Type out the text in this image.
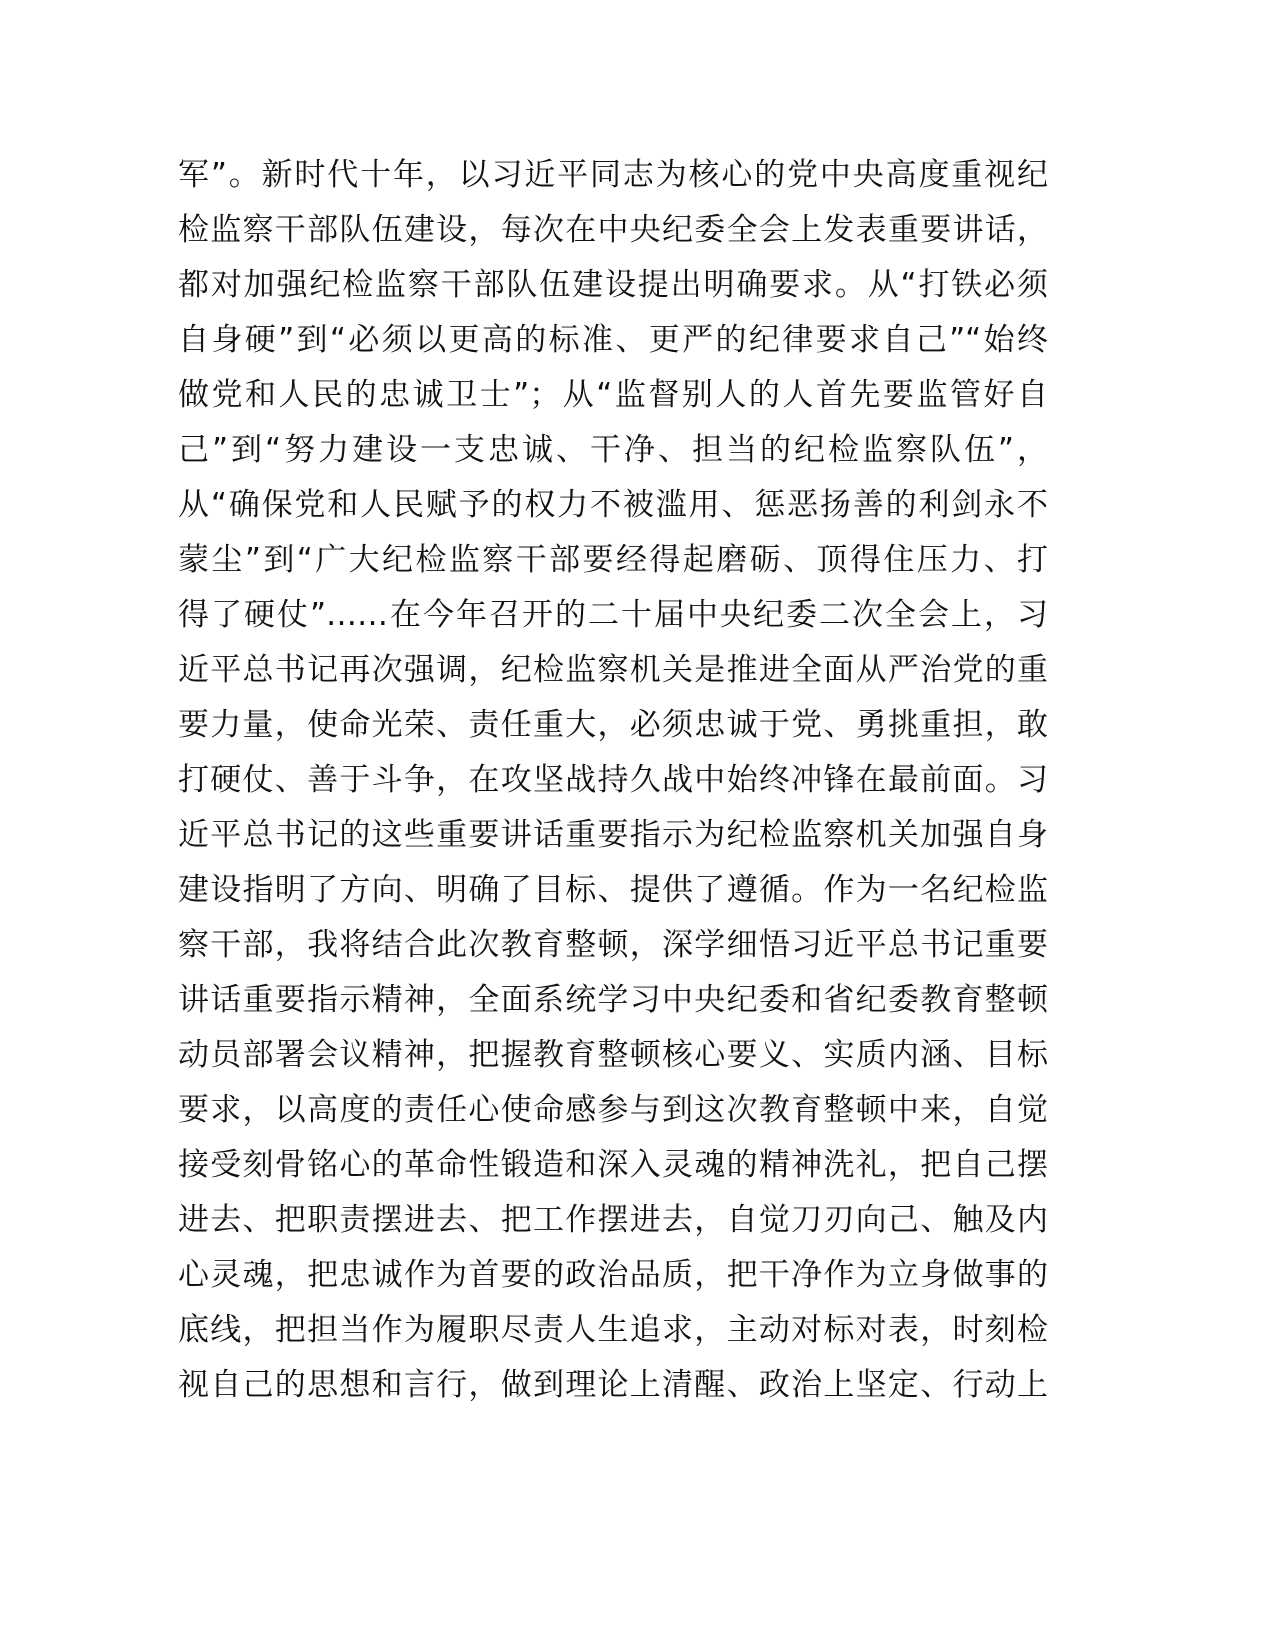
军”。新时代十年，以习近平同志为核心的党中央高度重视纪
检监察干部队伍建设，每次在中央纪委全会上发表重要讲话，
都对加强纪检监察干部队伍建设提出明确要求。从“打铁必须
自身硬”到“必须以更高的标准、更严的纪律要求自己”“始终
做党和人民的忠诚卫士”；从“监督别人的人首先要监管好自
己”到“努力建设一支忠诚、干净、担当的纪检监察队伍”，
从“确保党和人民赋予的权力不被滥用、惩恶扬善的利剑永不
蒙尘”到“广大纪检监察干部要经得起磨砺、顶得住压力、打
得了硬仗”……在今年召开的二十届中央纪委二次全会上，习
近平总书记再次强调，纪检监察机关是推进全面从严治党的重
要力量，使命光荣、责任重大，必须忠诚于党、勇挑重担，敢
打硬仗、善于斗争，在攻坚战持久战中始终冲锋在最前面。习
近平总书记的这些重要讲话重要指示为纪检监察机关加强自身
建设指明了方向、明确了目标、提供了遵循。作为一名纪检监
察干部，我将结合此次教育整顿，深学细悟习近平总书记重要
讲话重要指示精神，全面系统学习中央纪委和省纪委教育整顿
动员部署会议精神，把握教育整顿核心要义、实质内涵、目标
要求，以高度的责任心使命感参与到这次教育整顿中来，自觉
接受刻骨铭心的革命性锻造和深入灵魂的精神洗礼，把自己摆
进去、把职责摆进去、把工作摆进去，自觉刀刃向己、触及内
心灵魂，把忠诚作为首要的政治品质，把干净作为立身做事的
底线，把担当作为履职尽责人生追求，主动对标对表，时刻检
视自己的思想和言行，做到理论上清醒、政治上坚定、行动上
